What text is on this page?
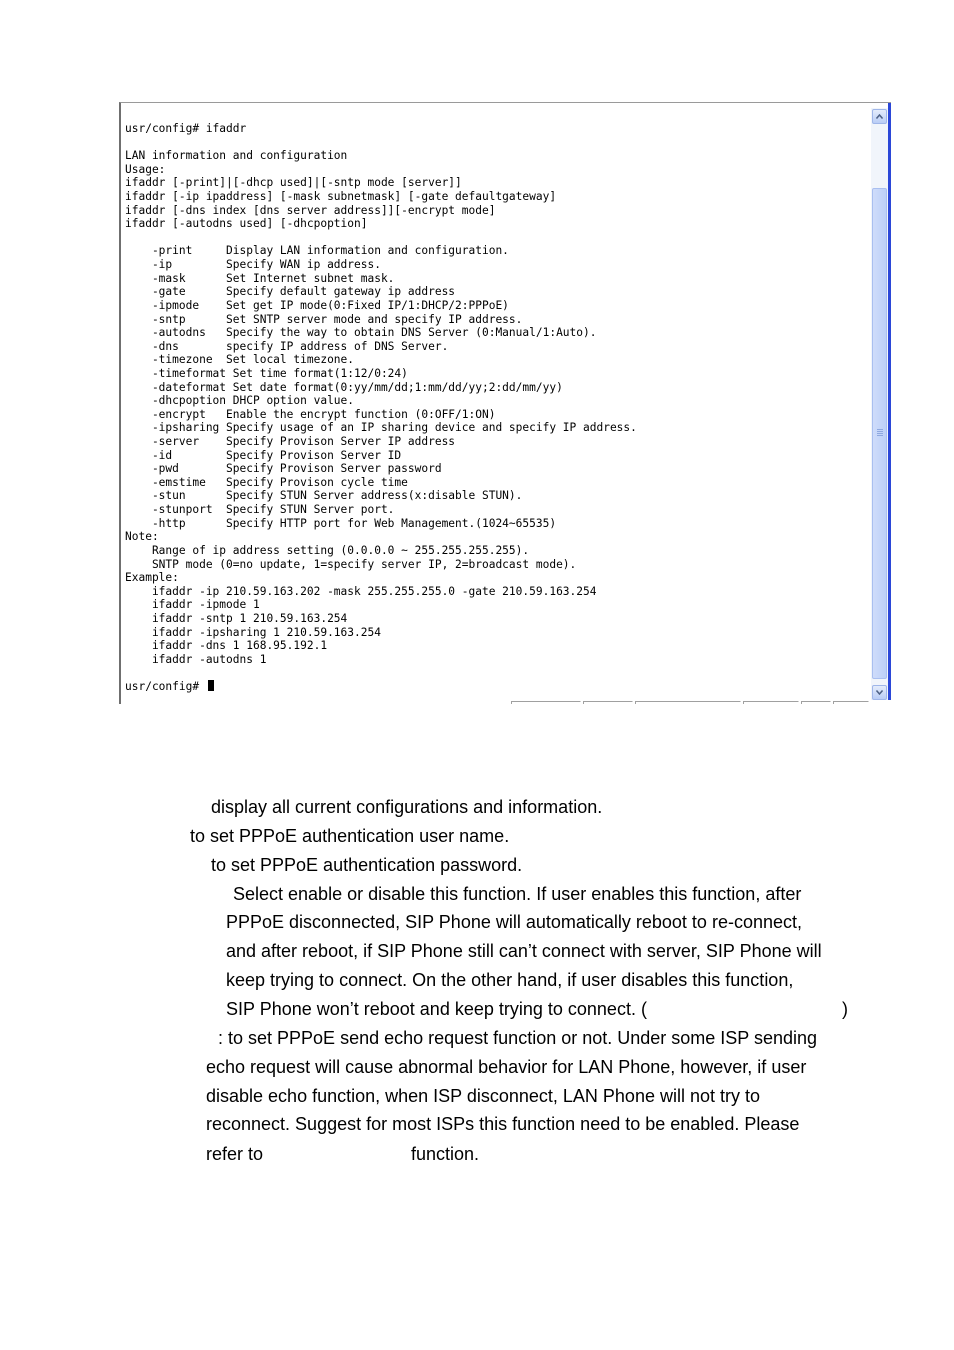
usr/config# ifaddr
LAN information and configuration
Usage:
ifaddr [-print]|[-dhcp used]|[-sntp mode [server]]
ifaddr [-ip ipaddress] [-mask subnetmask] [-gate defaultgateway]
ifaddr [-dns index [dns server address]][-encrypt mode]
ifaddr [-autodns used] [-dhcpoption]
-print     Display LAN information and configuration.
-ip        Specify WAN ip address.
-mask      Set Internet subnet mask.
-gate      Specify default gateway ip address
-ipmode    Set get IP mode(0:Fixed IP/1:DHCP/2:PPPoE)
-sntp      Set SNTP server mode and specify IP address.
-autodns   Specify the way to obtain DNS Server (0:Manual/1:Auto).
-dns       specify IP address of DNS Server.
-timezone  Set local timezone.
-timeformat Set time format(1:12/0:24)
-dateformat Set date format(0:yy/mm/dd;1:mm/dd/yy;2:dd/mm/yy)
-dhcpoption DHCP option value.
-encrypt   Enable the encrypt function (0:OFF/1:ON)
-ipsharing Specify usage of an IP sharing device and specify IP address.
-server    Specify Provison Server IP address
-id        Specify Provison Server ID
-pwd       Specify Provison Server password
-emstime   Specify Provison cycle time
-stun      Specify STUN Server address(x:disable STUN).
-stunport  Specify STUN Server port.
-http      Specify HTTP port for Web Management.(1024~65535)
Note:
Range of ip address setting (0.0.0.0 ~ 255.255.255.255).
SNTP mode (0=no update, 1=specify server IP, 2=broadcast mode).
Example:
ifaddr -ip 210.59.163.202 -mask 255.255.255.0 -gate 210.59.163.254
ifaddr -ipmode 1
ifaddr -sntp 1 210.59.163.254
ifaddr -ipsharing 1 210.59.163.254
ifaddr -dns 1 168.95.192.1
ifaddr -autodns 1
usr/config#
display all current configurations and information.
to set PPPoE authentication user name.
to set PPPoE authentication password.
Select enable or disable this function. If user enables this function, after
PPPoE disconnected, SIP Phone will automatically reboot to re-connect,
and after reboot, if SIP Phone still can’t connect with server, SIP Phone will
keep trying to connect. On the other hand, if user disables this function,
SIP Phone won’t reboot and keep trying to connect. (	)
: to set PPPoE send echo request function or not. Under some ISP sending
echo request will cause abnormal behavior for LAN Phone, however, if user
disable echo function, when ISP disconnect, LAN Phone will not try to
reconnect. Suggest for most ISPs this function need to be enabled. Please
refer to	function.
